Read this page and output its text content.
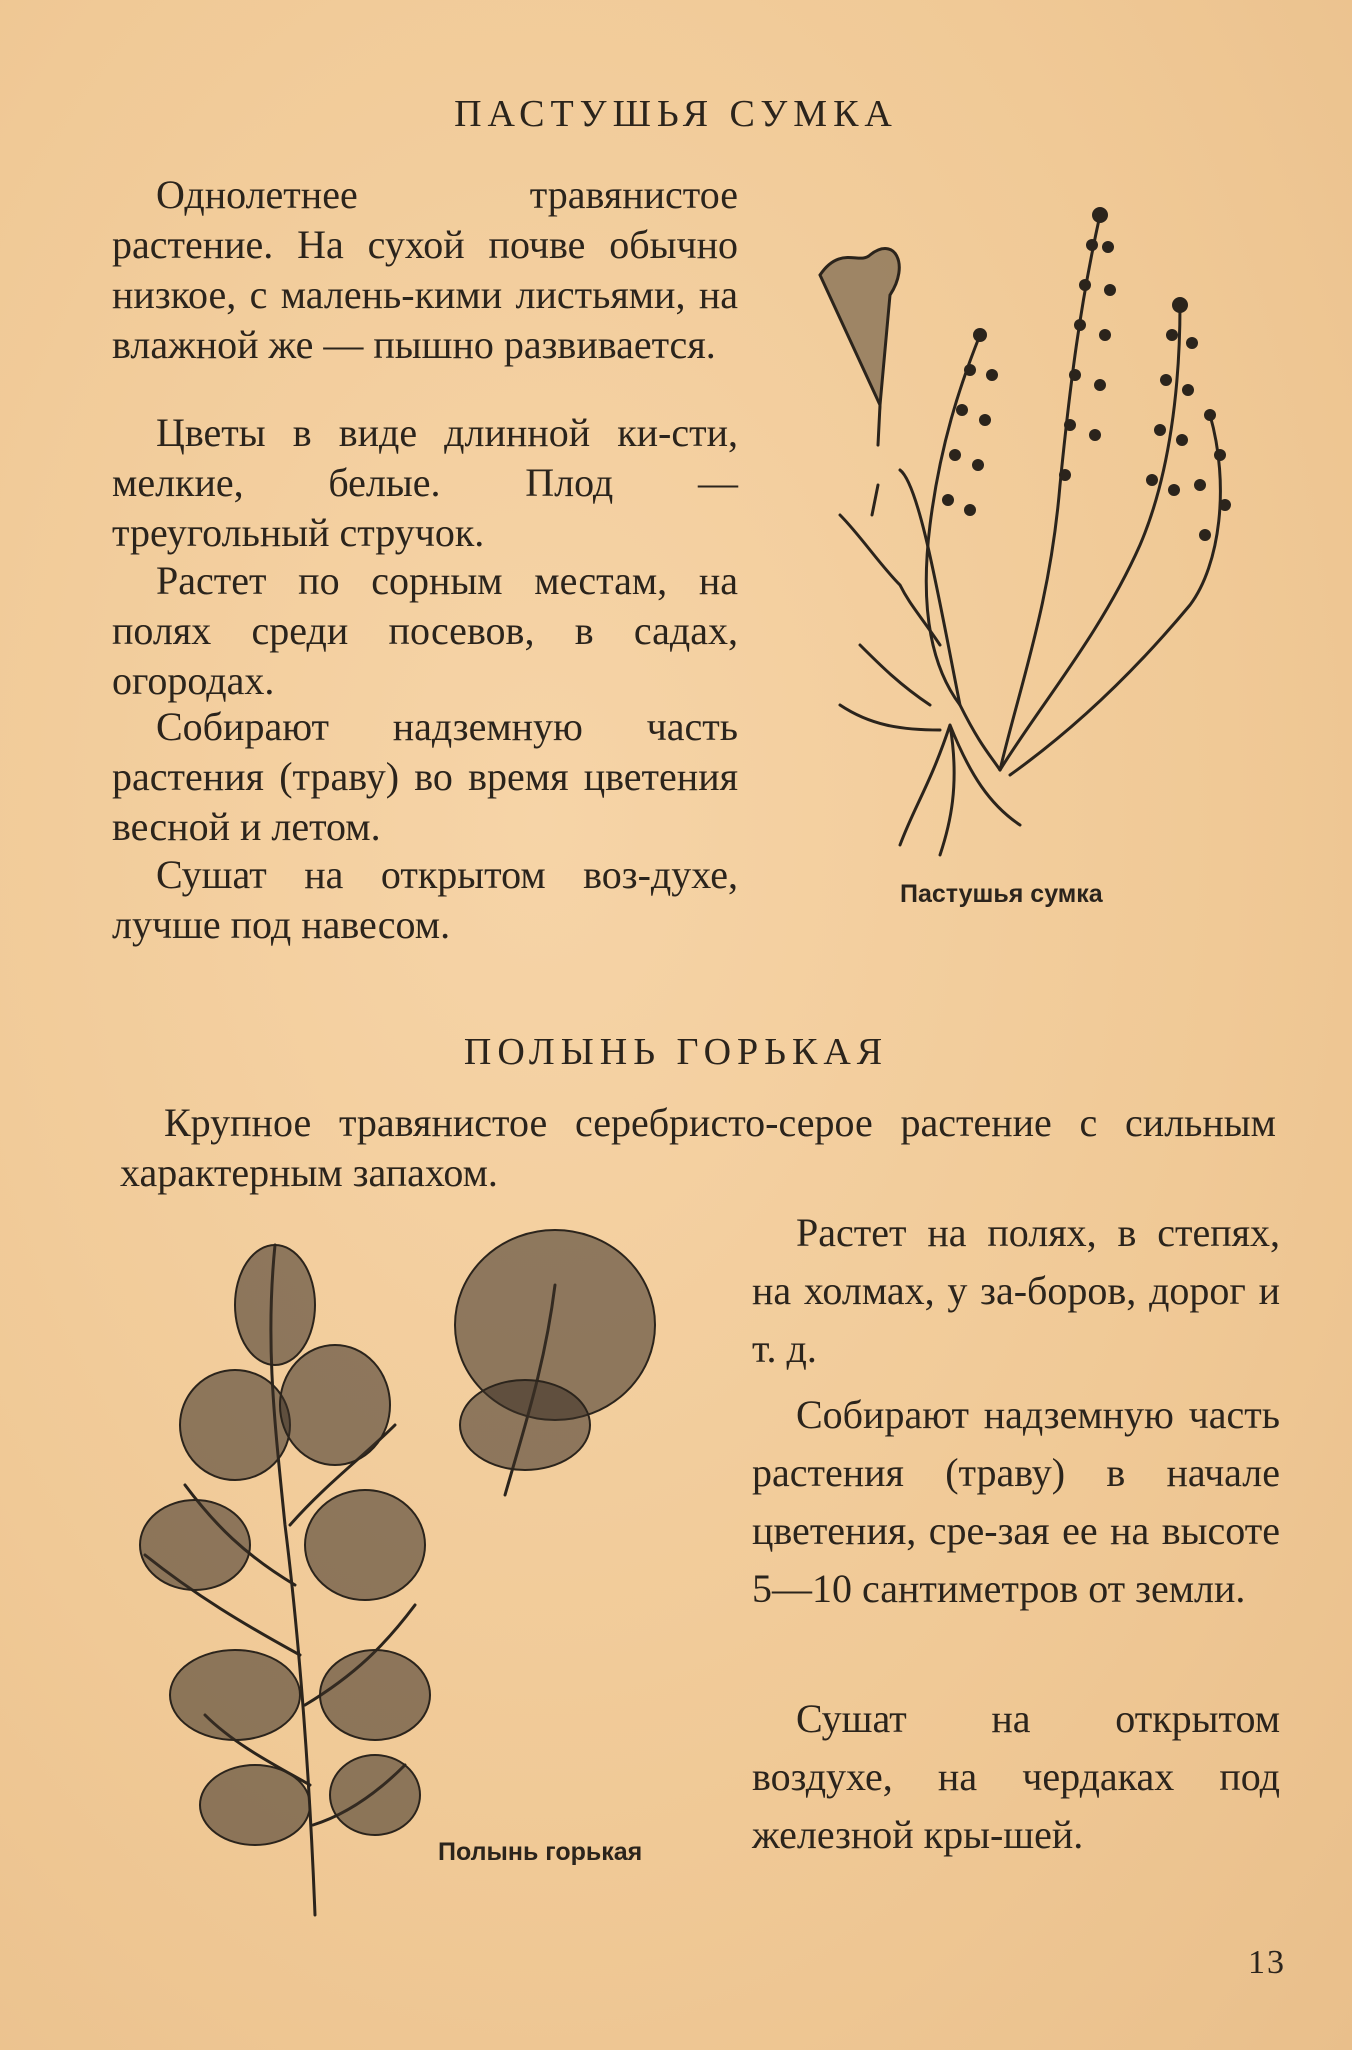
ПАСТУШЬЯ СУМКА

Однолетнее травянистое растение. На сухой почве обычно низкое, с малень-кими листьями, на влажной же — пышно развивается.

Цветы в виде длинной ки-сти, мелкие, белые. Плод — треугольный стручок.

Растет по сорным местам, на полях среди посевов, в садах, огородах.

Собирают надземную часть растения (траву) во время цветения весной и летом.

Сушат на открытом воз-духе, лучше под навесом.

Пастушья сумка
ПОЛЫНЬ ГОРЬКАЯ

Крупное травянистое серебристо-серое растение с сильным характерным запахом.

Полынь горькая

Растет на полях, в степях, на холмах, у за-боров, дорог и т. д.

Собирают надземную часть растения (траву) в начале цветения, сре-зая ее на высоте 5—10 сантиметров от земли.

Сушат на открытом воздухе, на чердаках под железной кры-шей.

13
